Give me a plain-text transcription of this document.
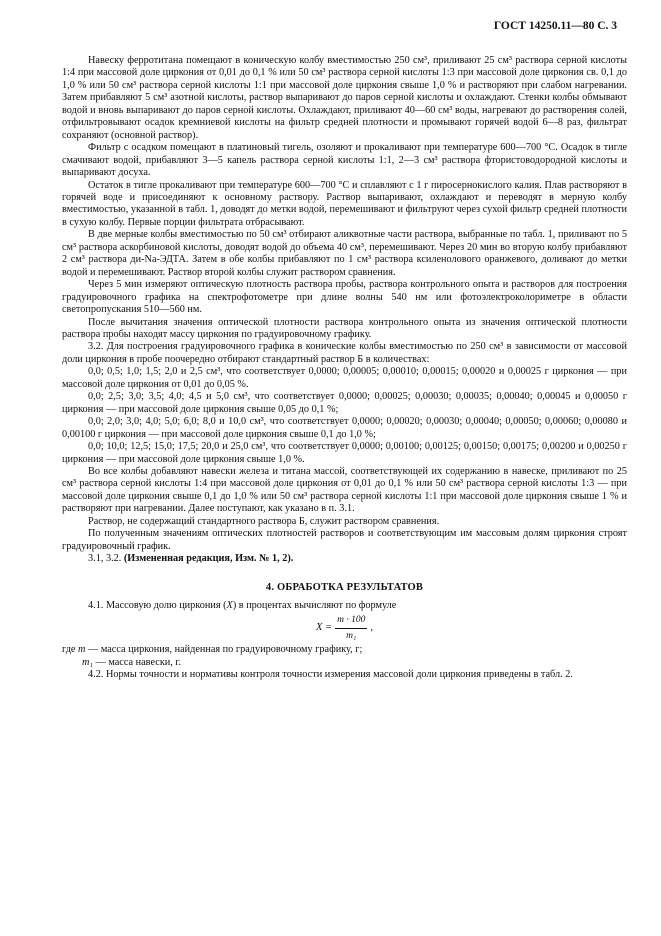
ГОСТ 14250.11—80 С. 3

Навеску ферротитана помещают в коническую колбу вместимостью 250 см³, приливают 25 см³ раствора серной кислоты 1:4 при массовой доле циркония от 0,01 до 0,1 % или 50 см³ раствора серной кислоты 1:3 при массовой доле циркония св. 0,1 до 1,0 % или 50 см³ раствора серной кислоты 1:1 при массовой доле циркония свыше 1,0 % и растворяют при слабом нагревании. Затем прибавляют 5 см³ азотной кислоты, раствор выпаривают до паров серной кислоты и охлаждают. Стенки колбы обмывают водой и вновь выпаривают до паров серной кислоты. Охлаждают, приливают 40—60 см³ воды, нагревают до растворения солей, отфильтровывают осадок кремниевой кислоты на фильтр средней плотности и промывают горячей водой 6—8 раз, фильтрат сохраняют (основной раствор).

Фильтр с осадком помещают в платиновый тигель, озоляют и прокаливают при температуре 600—700 °С. Осадок в тигле смачивают водой, прибавляют 3—5 капель раствора серной кислоты 1:1, 2—3 см³ раствора фтористоводородной кислоты и выпаривают досуха.

Остаток в тигле прокаливают при температуре 600—700 °С и сплавляют с 1 г пиросернокислого калия. Плав растворяют в горячей воде и присоединяют к основному раствору. Раствор выпаривают, охлаждают и переводят в мерную колбу вместимостью, указанной в табл. 1, доводят до метки водой, перемешивают и фильтруют через сухой фильтр средней плотности в сухую колбу. Первые порции фильтрата отбрасывают.

В две мерные колбы вместимостью по 50 см³ отбирают аликвотные части раствора, выбранные по табл. 1, приливают по 5 см³ раствора аскорбиновой кислоты, доводят водой до объема 40 см³, перемешивают. Через 20 мин во вторую колбу прибавляют 2 см³ раствора ди-Na-ЭДТА. Затем в обе колбы прибавляют по 1 см³ раствора ксиленолового оранжевого, доливают до метки водой и перемешивают. Раствор второй колбы служит раствором сравнения.

Через 5 мин измеряют оптическую плотность раствора пробы, раствора контрольного опыта и растворов для построения градуировочного графика на спектрофотометре при длине волны 540 нм или фотоэлектроколориметре в области светопропускания 510—560 нм.

После вычитания значения оптической плотности раствора контрольного опыта из значения оптической плотности раствора пробы находят массу циркония по градуировочному графику.

3.2. Для построения градуировочного графика в конические колбы вместимостью по 250 см³ в зависимости от массовой доли циркония в пробе поочередно отбирают стандартный раствор Б в количествах:

0,0; 0,5; 1,0; 1,5; 2,0 и 2,5 см³, что соответствует 0,0000; 0,00005; 0,00010; 0,00015; 0,00020 и 0,00025 г циркония — при массовой доле циркония от 0,01 до 0,05 %.

0,0; 2,5; 3,0; 3,5; 4,0; 4,5 и 5,0 см³, что соответствует 0,0000; 0,00025; 0,00030; 0,00035; 0,00040; 0,00045 и 0,00050 г циркония — при массовой доле циркония свыше 0,05 до 0,1 %;

0,0; 2,0; 3,0; 4,0; 5,0; 6,0; 8,0 и 10,0 см³, что соответствует 0,0000; 0,00020; 0,00030; 0,00040; 0,00050; 0,00060; 0,00080 и 0,00100 г циркония — при массовой доле циркония свыше 0,1 до 1,0 %;

0,0; 10,0; 12,5; 15,0; 17,5; 20,0 и 25,0 см³, что соответствует 0,0000; 0,00100; 0,00125; 0,00150; 0,00175; 0,00200 и 0,00250 г циркония — при массовой доле циркония свыше 1,0 %.

Во все колбы добавляют навески железа и титана массой, соответствующей их содержанию в навеске, приливают по 25 см³ раствора серной кислоты 1:4 при массовой доле циркония от 0,01 до 0,1 % или 50 см³ раствора серной кислоты 1:3 — при массовой доле циркония свыше 0,1 до 1,0 % или 50 см³ раствора серной кислоты 1:1 при массовой доле циркония свыше 1 % и растворяют при нагревании. Далее поступают, как указано в п. 3.1.

Раствор, не содержащий стандартного раствора Б, служит раствором сравнения.

По полученным значениям оптических плотностей растворов и соответствующим им массовым долям циркония строят градуировочный график.

3.1, 3.2. (Измененная редакция, Изм. № 1, 2).

4. ОБРАБОТКА РЕЗУЛЬТАТОВ

4.1. Массовую долю циркония (X) в процентах вычисляют по формуле

$X = \frac{m \cdot 100}{\text{m₁}}$ ,

где m — масса циркония, найденная по градуировочному графику, г;

m₁ — масса навески, г.

4.2. Нормы точности и нормативы контроля точности измерения массовой доли циркония приведены в табл. 2.
